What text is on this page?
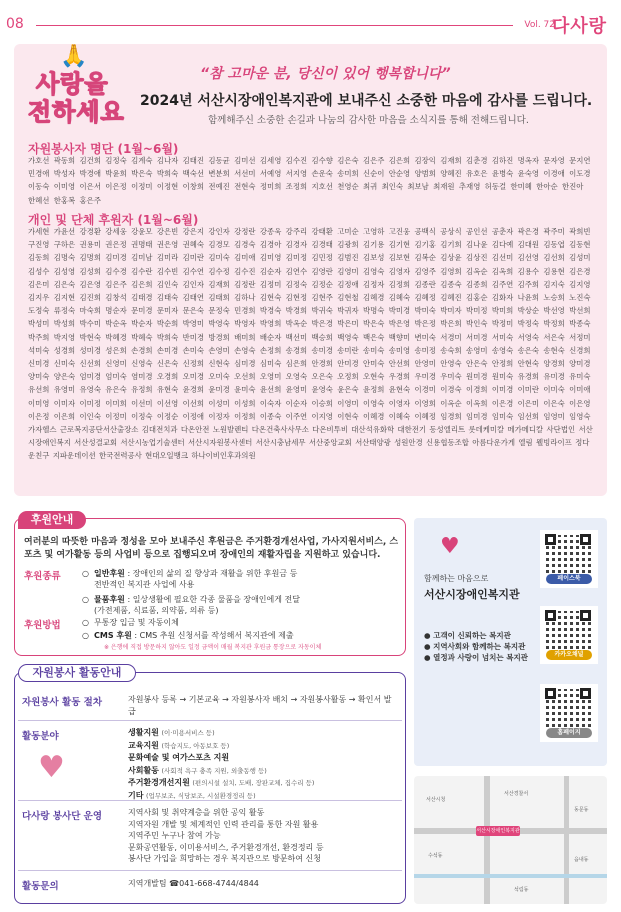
08	Vol. 72
다사랑
🙏
사랑을
전하세요
“참 고마운 분, 당신이 있어 행복합니다”
2024년 서산시장애인복지관에 보내주신 소중한 마음에 감사를 드립니다.
함께해주신 소중한 손길과 나눔의 감사한 마음을 소식지를 통해 전해드립니다.
자원봉사자 명단 (1월~6월)
가호선 곽동희 김건희 김정숙 김계숙 김나자 김태진 김동균 김미선 김세영 김수진 김수향 김은숙 김은주 김은희 김장익 김재희 김춘경 김하진 명옥자 문자영 문지연 민경애 박성자 박경애 박윤희 박은숙 박희숙 백숙선 변분희 서선미 서예영 서지영 손운숙 송미희 신순이 안순영 양범희 양혜진 유호은 윤병숙 윤숙영 이경애 이도경 이동숙 이미영 이은서 이은정 이정미 이정현 이창희 전예진 전현숙 정미희 조정희 지호선 천영순 최귀 최인숙 최보남 최재원 추재영 허동걸 한미혜 한아순 한진아 한혜선 한홍복 홍은주
개인 및 단체 후원자 (1월~6월)
가세현 가윤선 강경환 강세웅 강윤모 강은빈 강은지 강인자 강정란 강종욱 강주리 강태환 고미순 고영하 고진웅 공백식 공상식 공인선 공춘자 곽은경 곽주미 곽희빈 구진영 구하은 권용미 권은정 권명태 권은영 권혜숙 김경모 김경숙 김경아 김경자 김경태 김광희 김기용 김기현 김기홍 김기희 김나윤 김다예 김대원 김동엽 김동현 김동희 김명숙 김명희 김미경 김미남 김미라 김미란 김미숙 김미애 김미영 김미정 김민정 김범진 김보성 김보현 김복순 김상윤 김상진 김선미 김선영 김선희 김성미 김성수 김성영 김성희 김수경 김수란 김수빈 김수연 김수정 김수진 김순자 김연수 김영란 김영미 김영숙 김영자 김영주 김영희 김옥순 김옥희 김용수 김용현 김은경 김은미 김은숙 김은영 김은주 김은희 김인숙 김인자 김재희 김정란 김정미 김정숙 김정순 김정애 김정자 김정희 김종란 김종숙 김종희 김주연 김주희 김지숙 김지영 김지우 김지현 김진희 김창석 김태경 김태숙 김태연 김태희 김하나 김현숙 김현정 김현주 김현철 김혜경 김혜숙 김혜정 김혜진 김홍순 김화자 나윤희 노승희 노진숙 도정숙 류정숙 마숙희 명순자 문미경 문미자 문은숙 문정숙 민경희 박경숙 박경희 박귀숙 박귀자 박명숙 박미경 박미숙 박미자 박미정 박미희 박상순 박선영 박선희 박성미 박성희 박수미 박순옥 박순자 박순희 박영미 박영숙 박영자 박영희 박옥순 박은경 박은미 박은숙 박은영 박은정 박은희 박인숙 박정미 박정숙 박정희 박종숙 박주희 박지영 박현숙 박혜경 박혜숙 박희숙 반미경 방경희 배미희 배순자 백선미 백승희 백영숙 백은숙 백향미 변미숙 서경미 서미경 서미숙 서영숙 서은숙 서정미 석미숙 성경희 성미경 성은희 손경희 손미경 손미숙 손영미 손영숙 손정희 송경희 송미경 송미란 송미숙 송미영 송미정 송숙희 송영미 송영숙 송은숙 송현숙 신경희 신미경 신미숙 신선희 신영미 신영숙 신은숙 신정희 신현숙 심미경 심미숙 심은희 안경희 안미경 안미숙 안선희 안영미 안영숙 안은숙 안정희 안현숙 양경희 양미경 양미숙 양은숙 엄미경 엄미숙 염미경 오경희 오미경 오미숙 오선희 오영미 오영숙 오은숙 오정희 오현숙 우경희 우미경 우미숙 원미경 원미숙 유경희 유미경 유미숙 유선희 유영미 유영숙 유은숙 유정희 유현숙 윤경희 윤미경 윤미숙 윤선희 윤영미 윤영숙 윤은숙 윤정희 윤현숙 이경미 이경숙 이경희 이미경 이미란 이미숙 이미애 이미영 이미자 이미정 이미희 이선미 이선영 이선희 이성미 이성희 이숙자 이순자 이승희 이영미 이영숙 이영자 이영희 이옥순 이옥희 이은경 이은미 이은숙 이은영 이은정 이은희 이인숙 이정미 이정숙 이정순 이정애 이정자 이정희 이종숙 이주연 이지영 이현숙 이혜경 이혜숙 이혜정 임경희 임미경 임미숙 임선희 임영미 임영숙
가자헬스 근로복지공단서산출장소 김대전치과 다온안전 노원발렌티 다온건축사사무소 다온비투비 대산석유화학 대한전기 동성엘리트 롯데케미칼 메가메디칼 사단법인 서산시장애인복지 서산성결교회 서산시농업기술센터 서산시자원봉사센터 서산시충남세무 서산중앙교회 서산태양광 성원안경 신용협동조합 아름다운가게 엘림 웰빙라이프 정다운친구 지파운데이션 한국전력공사 현대오일뱅크 하나이비인후과의원
후원안내
여러분의 따뜻한 마음과 정성을 모아 보내주신 후원금은 주거환경개선사업, 가사지원서비스, 스포츠 및 여가활동 등의 사업비 등으로 집행되오며 장애인의 재활자립을 지원하고 있습니다.
후원종류	○ 일반후원 : 장애인의 삶의 질 향상과 재활을 위한 후원금 등 전반적인 복지관 사업에 사용
○ 물품후원 : 일상생활에 필요한 각종 물품을 장애인에게 전달 (가전제품, 식료품, 의약품, 의류 등)
후원방법	○ 무통장 입금 및 자동이체
○ CMS 후원 : CMS 추원 신청서를 작성해서 복지관에 제출
※ 은행에 직접 방문하지 않아도 일정 금액이 매월 복지관 후원금 통장으로 자동이체
자원봉사 활동안내
자원봉사 활동 절차	자원봉사 등록 → 기본교육 → 자원봉사자 배치 → 자원봉사활동 → 확인서 발급
활동분야
♥
생활지원 (이·미용서비스 등)
교육지원 (학습지도, 아동보호 등)
문화예술 및 여가스포츠 지원
사회활동 (사회적 욕구 충족 지원, 외출동행 등)
주거환경개선지원 (편의시설 설치, 도배, 장판교체, 집수리 등)
기타 (업무보조, 식당보조, 시설환경정리 등)
다사랑 봉사단 운영	지역사회 및 취약계층을 위한 공익 활동
지역자원 개발 및 체계적인 인력 관리를 통한 자원 활용
지역주민 누구나 참여 가능
문화공연활동, 이미용서비스, 주거환경개선, 환경정리 등
봉사단 가입을 희망하는 경우 복지관으로 방문하여 신청
활동문의	지역개발팀 ☎041-668-4744/4844
♥
함께하는 마음으로
서산시장애인복지관
● 고객이 신뢰하는 복지관
● 지역사회와 함께하는 복지관
● 열정과 사랑이 넘치는 복지관
페이스북
카카오채널
홈페이지
서산시청
서산경찰서
동문동
수석동
석림동
읍내동
서산시장애인복지관
